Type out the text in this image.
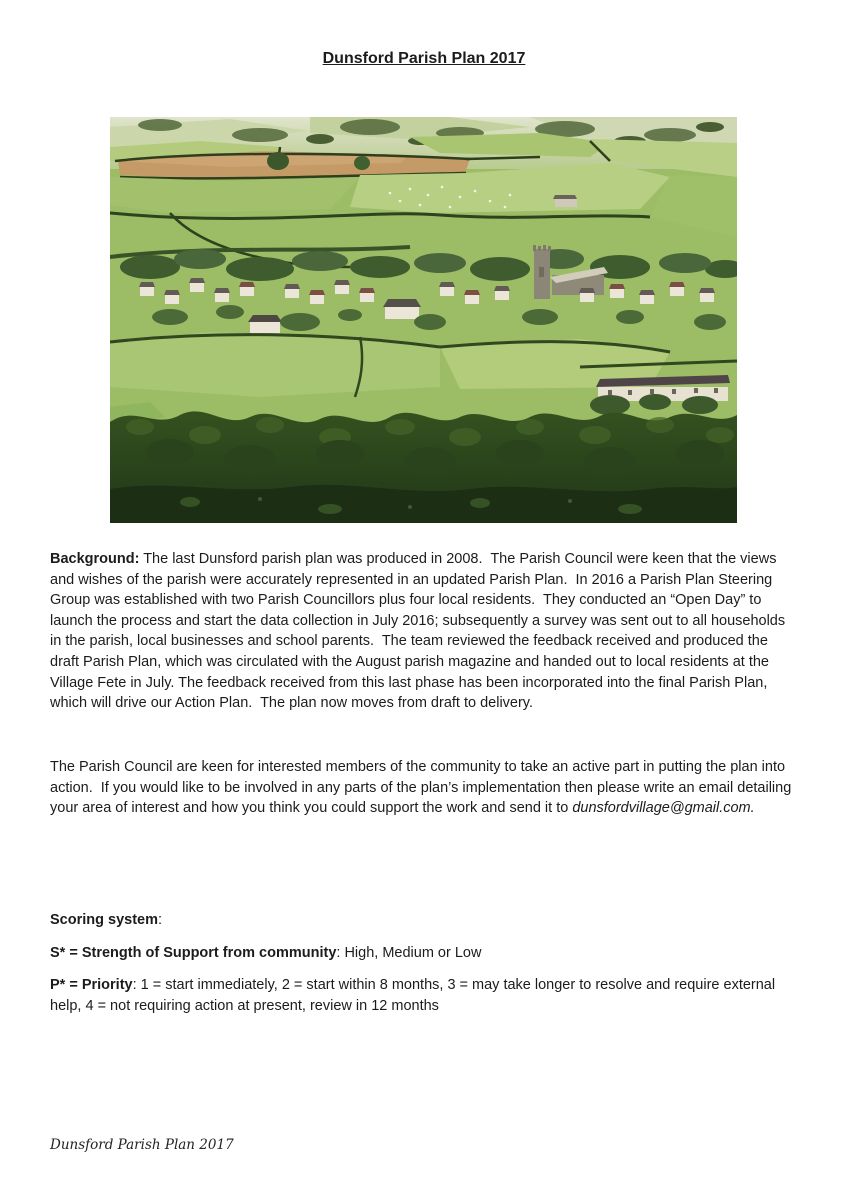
Dunsford Parish Plan 2017

Background: The last Dunsford parish plan was produced in 2008.  The Parish Council were keen that the views and wishes of the parish were accurately represented in an updated Parish Plan.  In 2016 a Parish Plan Steering Group was established with two Parish Councillors plus four local residents.  They conducted an “Open Day” to launch the process and start the data collection in July 2016; subsequently a survey was sent out to all households in the parish, local businesses and school parents.  The team reviewed the feedback received and produced the draft Parish Plan, which was circulated with the August parish magazine and handed out to local residents at the Village Fete in July. The feedback received from this last phase has been incorporated into the final Parish Plan, which will drive our Action Plan.  The plan now moves from draft to delivery.

The Parish Council are keen for interested members of the community to take an active part in putting the plan into action.  If you would like to be involved in any parts of the plan’s implementation then please write an email detailing your area of interest and how you think you could support the work and send it to dunsfordvillage@gmail.com.

Scoring system:

S* = Strength of Support from community: High, Medium or Low

P* = Priority: 1 = start immediately, 2 = start within 8 months, 3 = may take longer to resolve and require external help, 4 = not requiring action at present, review in 12 months

Dunsford Parish Plan 2017
